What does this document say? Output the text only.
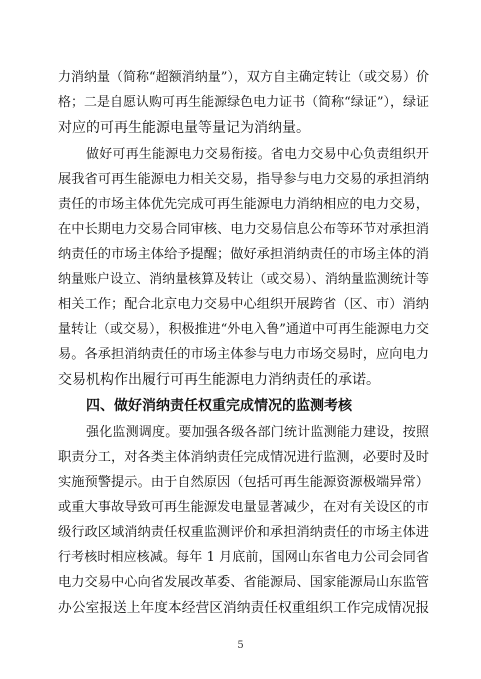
力消纳量（简称“超额消纳量”），双方自主确定转让（或交易）价
格；二是自愿认购可再生能源绿色电力证书（简称“绿证”），绿证
对应的可再生能源电量等量记为消纳量。
做好可再生能源电力交易衔接。省电力交易中心负责组织开
展我省可再生能源电力相关交易，指导参与电力交易的承担消纳
责任的市场主体优先完成可再生能源电力消纳相应的电力交易，
在中长期电力交易合同审核、电力交易信息公布等环节对承担消
纳责任的市场主体给予提醒；做好承担消纳责任的市场主体的消
纳量账户设立、消纳量核算及转让（或交易）、消纳量监测统计等
相关工作；配合北京电力交易中心组织开展跨省（区、市）消纳
量转让（或交易），积极推进“外电入鲁”通道中可再生能源电力交
易。各承担消纳责任的市场主体参与电力市场交易时，应向电力
交易机构作出履行可再生能源电力消纳责任的承诺。
四、做好消纳责任权重完成情况的监测考核
强化监测调度。要加强各级各部门统计监测能力建设，按照
职责分工，对各类主体消纳责任完成情况进行监测，必要时及时
实施预警提示。由于自然原因（包括可再生能源资源极端异常）
或重大事故导致可再生能源发电量显著减少，在对有关设区的市
级行政区域消纳责任权重监测评价和承担消纳责任的市场主体进
行考核时相应核减。每年 1 月底前，国网山东省电力公司会同省
电力交易中心向省发展改革委、省能源局、国家能源局山东监管
办公室报送上年度本经营区消纳责任权重组织工作完成情况报
5
